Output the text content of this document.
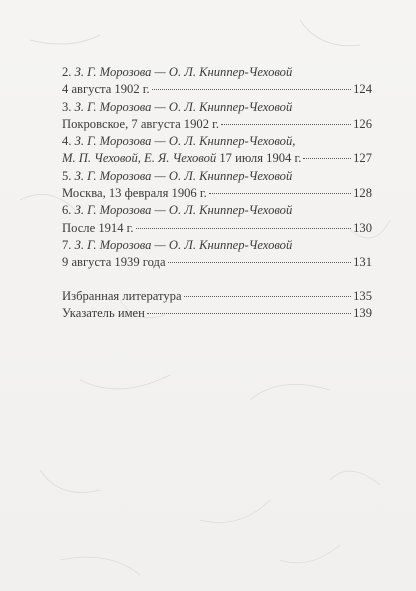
2.
З. Г. Морозова — О. Л. Книппер-Чеховой
4 августа 1902 г.	124
3.
З. Г. Морозова — О. Л. Книппер-Чеховой
Покровское, 7 августа 1902 г.	126
4.
З. Г. Морозова — О. Л. Книппер-Чеховой,
М. П. Чеховой, Е. Я. Чеховой
17 июля 1904 г.	127
5.
З. Г. Морозова — О. Л. Книппер-Чеховой
Москва, 13 февраля 1906 г.	128
6.
З. Г. Морозова — О. Л. Книппер-Чеховой
После 1914 г.	130
7.
З. Г. Морозова — О. Л. Книппер-Чеховой
9 августа 1939 года	131
Избранная литература	135
Указатель имен	139
